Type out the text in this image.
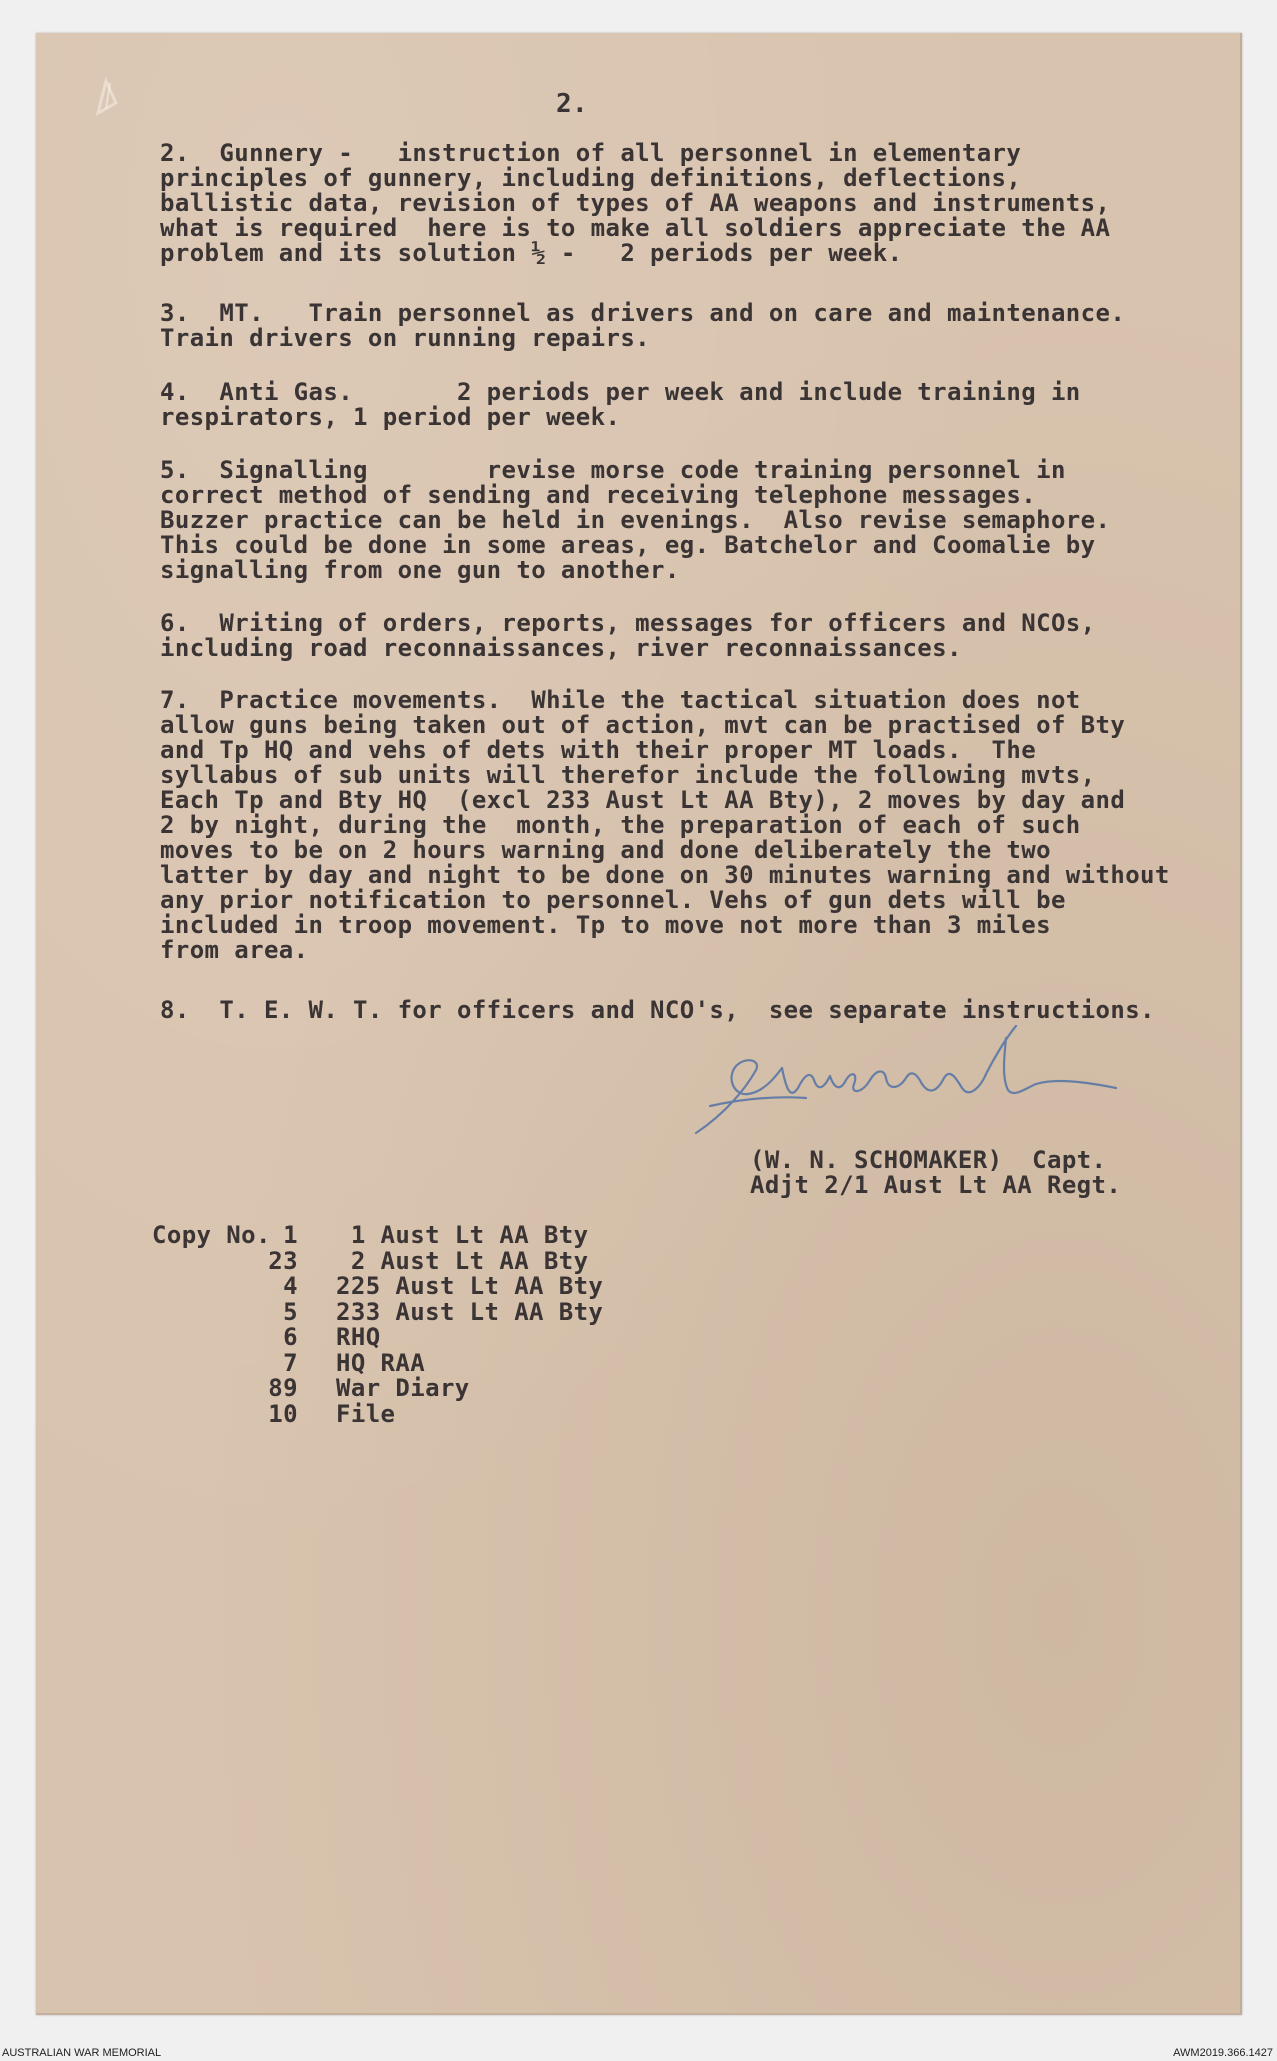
2.
2.  Gunnery -   instruction of all personnel in elementary
principles of gunnery, including definitions, deflections,
ballistic data, revision of types of AA weapons and instruments,
what is required  here is to make all soldiers appreciate the AA
problem and its solution ½ -   2 periods per week.
3.  MT.   Train personnel as drivers and on care and maintenance.
Train drivers on running repairs.
4.  Anti Gas.       2 periods per week and include training in
respirators, 1 period per week.
5.  Signalling        revise morse code training personnel in
correct method of sending and receiving telephone messages.
Buzzer practice can be held in evenings.  Also revise semaphore.
This could be done in some areas, eg. Batchelor and Coomalie by
signalling from one gun to another.
6.  Writing of orders, reports, messages for officers and NCOs,
including road reconnaissances, river reconnaissances.
7.  Practice movements.  While the tactical situation does not
allow guns being taken out of action, mvt can be practised of Bty
and Tp HQ and vehs of dets with their proper MT loads.  The
syllabus of sub units will therefor include the following mvts,
Each Tp and Bty HQ  (excl 233 Aust Lt AA Bty), 2 moves by day and
2 by night, during the  month, the preparation of each of such
moves to be on 2 hours warning and done deliberately the two
latter by day and night to be done on 30 minutes warning and without
any prior notification to personnel. Vehs of gun dets will be
included in troop movement. Tp to move not more than 3 miles
from area.
8.  T. E. W. T. for officers and NCO's,  see separate instructions.
(W. N. SCHOMAKER)  Capt.
Adjt 2/1 Aust Lt AA Regt.
Copy No. 1 1 Aust Lt AA Bty
23 2 Aust Lt AA Bty
4 225 Aust Lt AA Bty
5 233 Aust Lt AA Bty
6 RHQ
7 HQ RAA
89 War Diary
10 File
AUSTRALIAN WAR MEMORIAL	AWM2019.366.1427
